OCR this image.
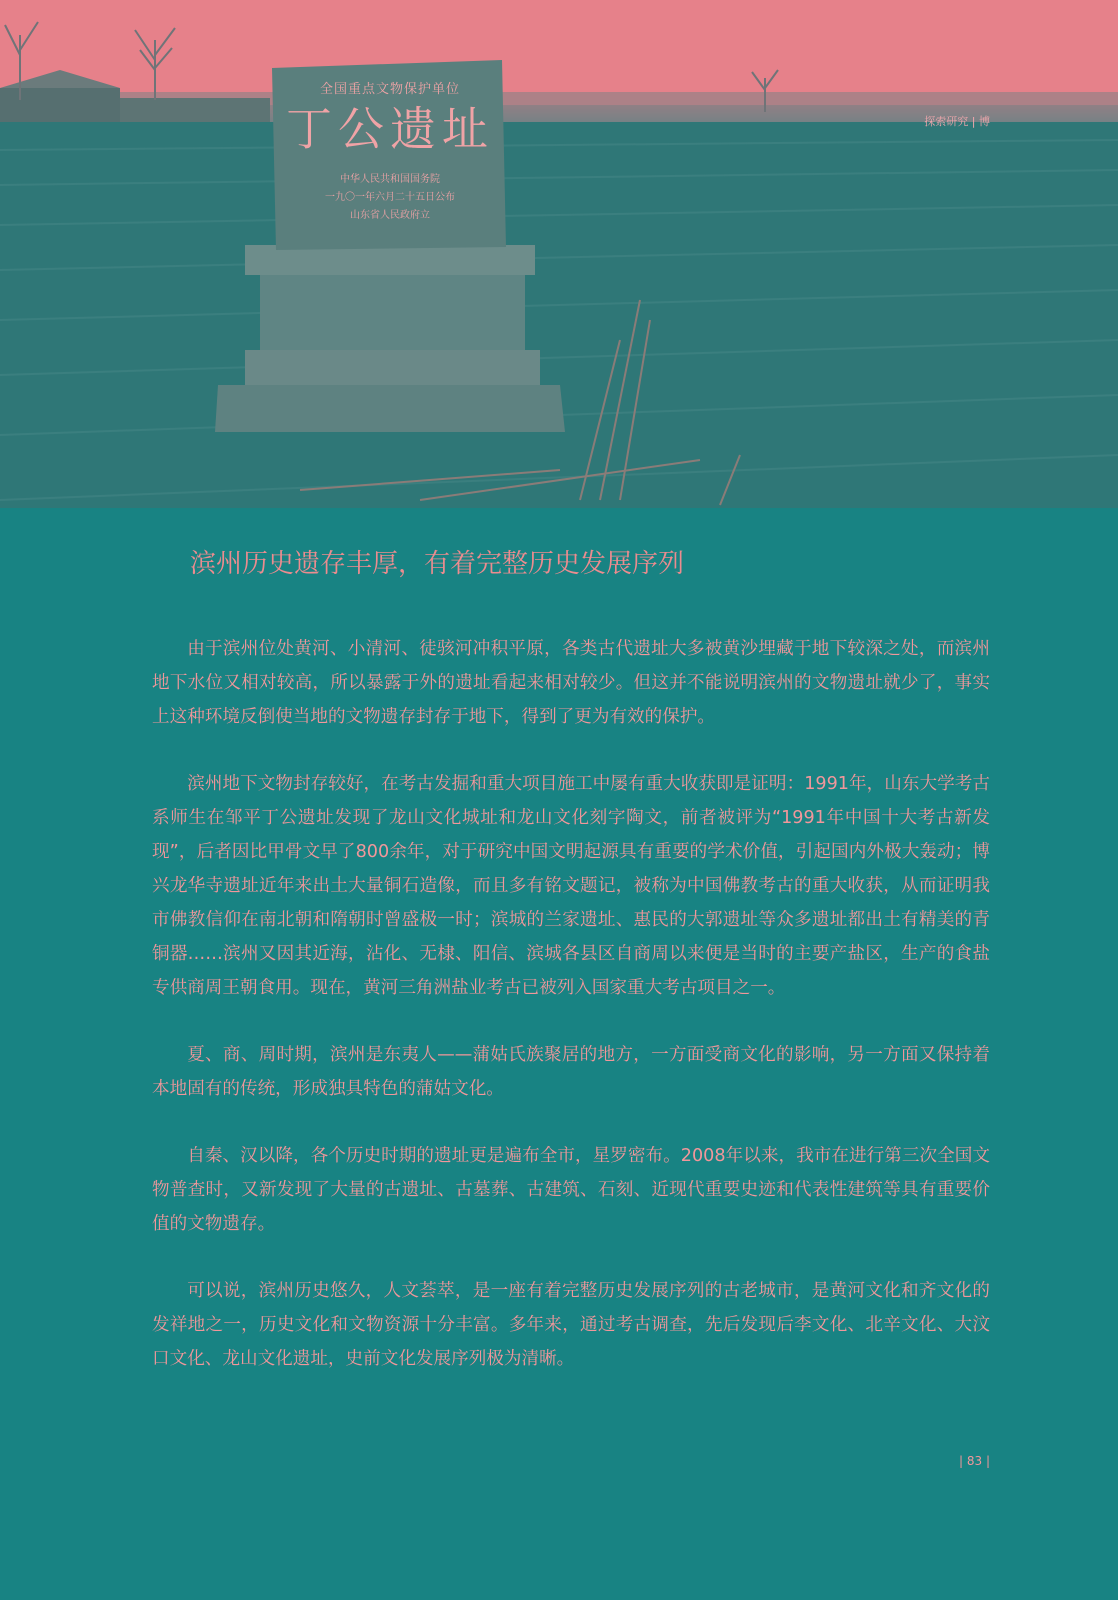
全国重点文物保护单位
丁公遗址
中华人民共和国国务院
一九〇一年六月二十五日公布
山东省人民政府立
探索研究 | 博
滨州历史遗存丰厚，有着完整历史发展序列

由于滨州位处黄河、小清河、徒骇河冲积平原，各类古代遗址大多被黄沙埋藏于地下较深之处，而滨州地下水位又相对较高，所以暴露于外的遗址看起来相对较少。但这并不能说明滨州的文物遗址就少了，事实上这种环境反倒使当地的文物遗存封存于地下，得到了更为有效的保护。

滨州地下文物封存较好，在考古发掘和重大项目施工中屡有重大收获即是证明：1991年，山东大学考古系师生在邹平丁公遗址发现了龙山文化城址和龙山文化刻字陶文，前者被评为“1991年中国十大考古新发现”，后者因比甲骨文早了800余年，对于研究中国文明起源具有重要的学术价值，引起国内外极大轰动；博兴龙华寺遗址近年来出土大量铜石造像，而且多有铭文题记，被称为中国佛教考古的重大收获，从而证明我市佛教信仰在南北朝和隋朝时曾盛极一时；滨城的兰家遗址、惠民的大郭遗址等众多遗址都出土有精美的青铜器……滨州又因其近海，沾化、无棣、阳信、滨城各县区自商周以来便是当时的主要产盐区，生产的食盐专供商周王朝食用。现在，黄河三角洲盐业考古已被列入国家重大考古项目之一。

夏、商、周时期，滨州是东夷人——蒲姑氏族聚居的地方，一方面受商文化的影响，另一方面又保持着本地固有的传统，形成独具特色的蒲姑文化。

自秦、汉以降，各个历史时期的遗址更是遍布全市，星罗密布。2008年以来，我市在进行第三次全国文物普查时，又新发现了大量的古遗址、古墓葬、古建筑、石刻、近现代重要史迹和代表性建筑等具有重要价值的文物遗存。

可以说，滨州历史悠久，人文荟萃，是一座有着完整历史发展序列的古老城市，是黄河文化和齐文化的发祥地之一，历史文化和文物资源十分丰富。多年来，通过考古调查，先后发现后李文化、北辛文化、大汶口文化、龙山文化遗址，史前文化发展序列极为清晰。

| 83 |
